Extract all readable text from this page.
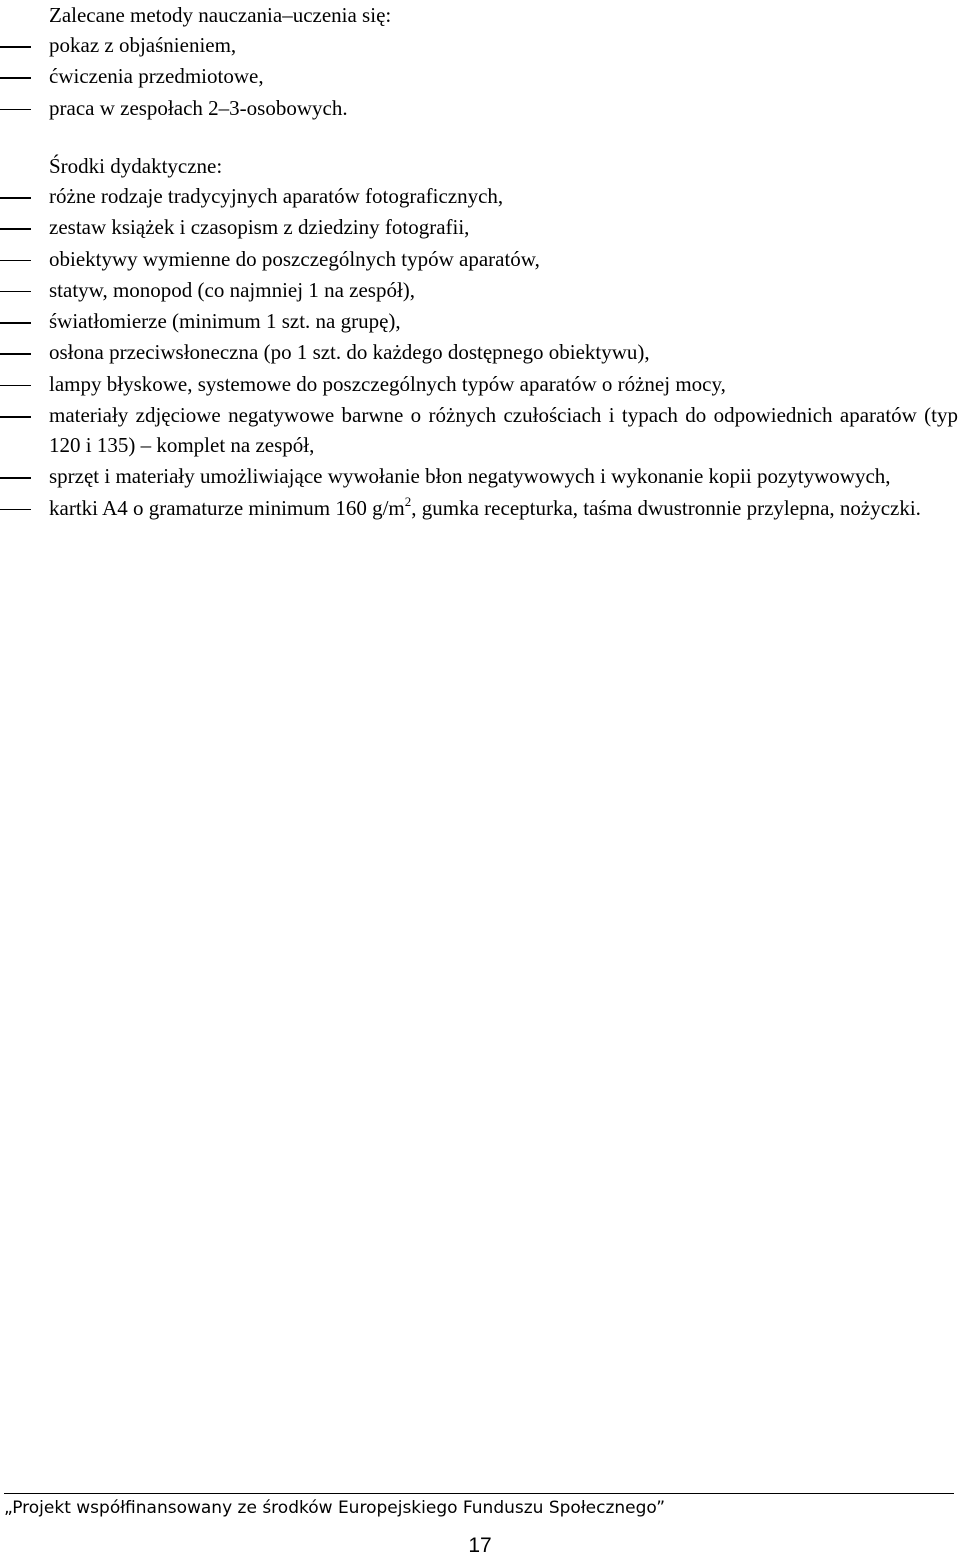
Zalecane metody nauczania–uczenia się:

pokaz z objaśnieniem,
ćwiczenia przedmiotowe,
praca w zespołach 2–3-osobowych.

Środki dydaktyczne:

różne rodzaje tradycyjnych aparatów fotograficznych,
zestaw książek i czasopism z dziedziny fotografii,
obiektywy wymienne do poszczególnych typów aparatów,
statyw, monopod (co najmniej 1 na zespół),
światłomierze (minimum 1 szt. na grupę),
osłona przeciwsłoneczna (po 1 szt. do każdego dostępnego obiektywu),
lampy błyskowe, systemowe do poszczególnych typów aparatów o różnej mocy,
materiały zdjęciowe negatywowe barwne o różnych czułościach i typach do odpowiednich aparatów (typ 120 i 135) – komplet na zespół,
sprzęt i materiały umożliwiające wywołanie błon negatywowych i wykonanie kopii pozytywowych,
kartki A4 o gramaturze minimum 160 $g/m^2$, gumka recepturka, taśma dwustronnie przylepna, nożyczki.
„Projekt współfinansowany ze środków Europejskiego Funduszu Społecznego”
17
